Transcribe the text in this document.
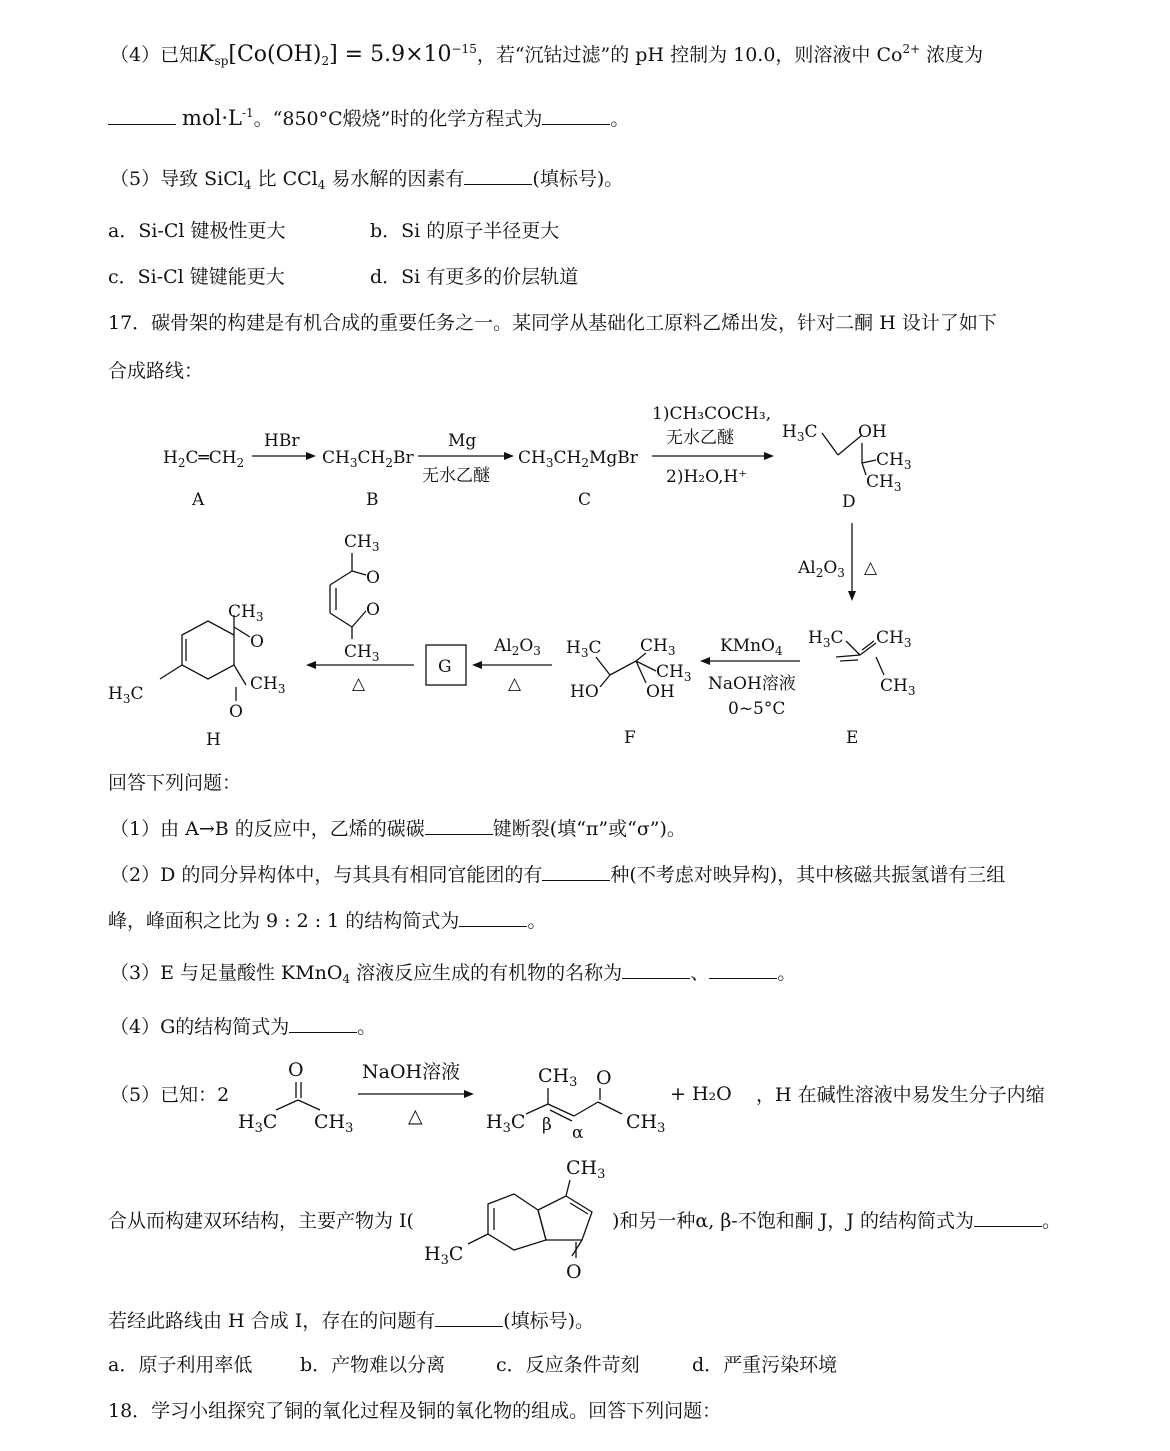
（4）已知$K_{sp}[Co(OH)_2] = 5.9\times 10^{-15}$，若“沉钴过滤”的 pH 控制为 10.0，则溶液中 $Co^{2+}$ 浓度为
$mol\cdot L^{-1}$。“850°C煅烧”时的化学方程式为	。
（5）导致 SiCl$_4$ 比 CCl$_4$ 易水解的因素有	(填标号)。
a．Si-Cl 键极性更大	b．Si 的原子半径更大
c．Si-Cl 键键能更大	d．Si 有更多的价层轨道
17．碳骨架的构建是有机合成的重要任务之一。某同学从基础化工原料乙烯出发，针对二酮 H 设计了如下
合成路线：
$H_2C═CH_2$
HBr
$CH_3CH_2Br$
Mg
无水乙醚
$CH_3CH_2MgBr$
1)CH₃COCH₃,
无水乙醚
2)H₂O,H⁺
$H_3C$ OH
$CH_3$
$CH_3$
A	B	C	D
$Al_2O_3$ △
$H_3C$ $CH_3$
$CH_3$
E
KMnO$_4$
NaOH溶液
0~5°C
$H_3C$
HO
$CH_3$
$CH_3$
OH
F
$Al_2O_3$
△
G
$CH_3$
O
O
$CH_3$
△
$H_3C$
$CH_3$
O
$CH_3$
O
H
回答下列问题：
（1）由 A→B 的反应中，乙烯的碳碳	键断裂(填“π”或“σ”)。
（2）D 的同分异构体中，与其具有相同官能团的有	种(不考虑对映异构)，其中核磁共振氢谱有三组
峰，峰面积之比为 9 : 2 : 1 的结构简式为	。
（3）E 与足量酸性 KMnO$_4$ 溶液反应生成的有机物的名称为	、	。
（4）G的结构简式为	。
（5）已知：2
O
$H_3C$ $CH_3$
NaOH溶液
△
$CH_3$
$H_3C$
O
$CH_3$
β α
+ H₂O ，H 在碱性溶液中易发生分子内缩
合从而构建双环结构，主要产物为 I(
$CH_3$
O
$H_3C$
)和另一种α, β-不饱和酮 J，J 的结构简式为	。
若经此路线由 H 合成 I，存在的问题有	(填标号)。
a．原子利用率低	b．产物难以分离	c．反应条件苛刻	d．严重污染环境
18．学习小组探究了铜的氧化过程及铜的氧化物的组成。回答下列问题：
